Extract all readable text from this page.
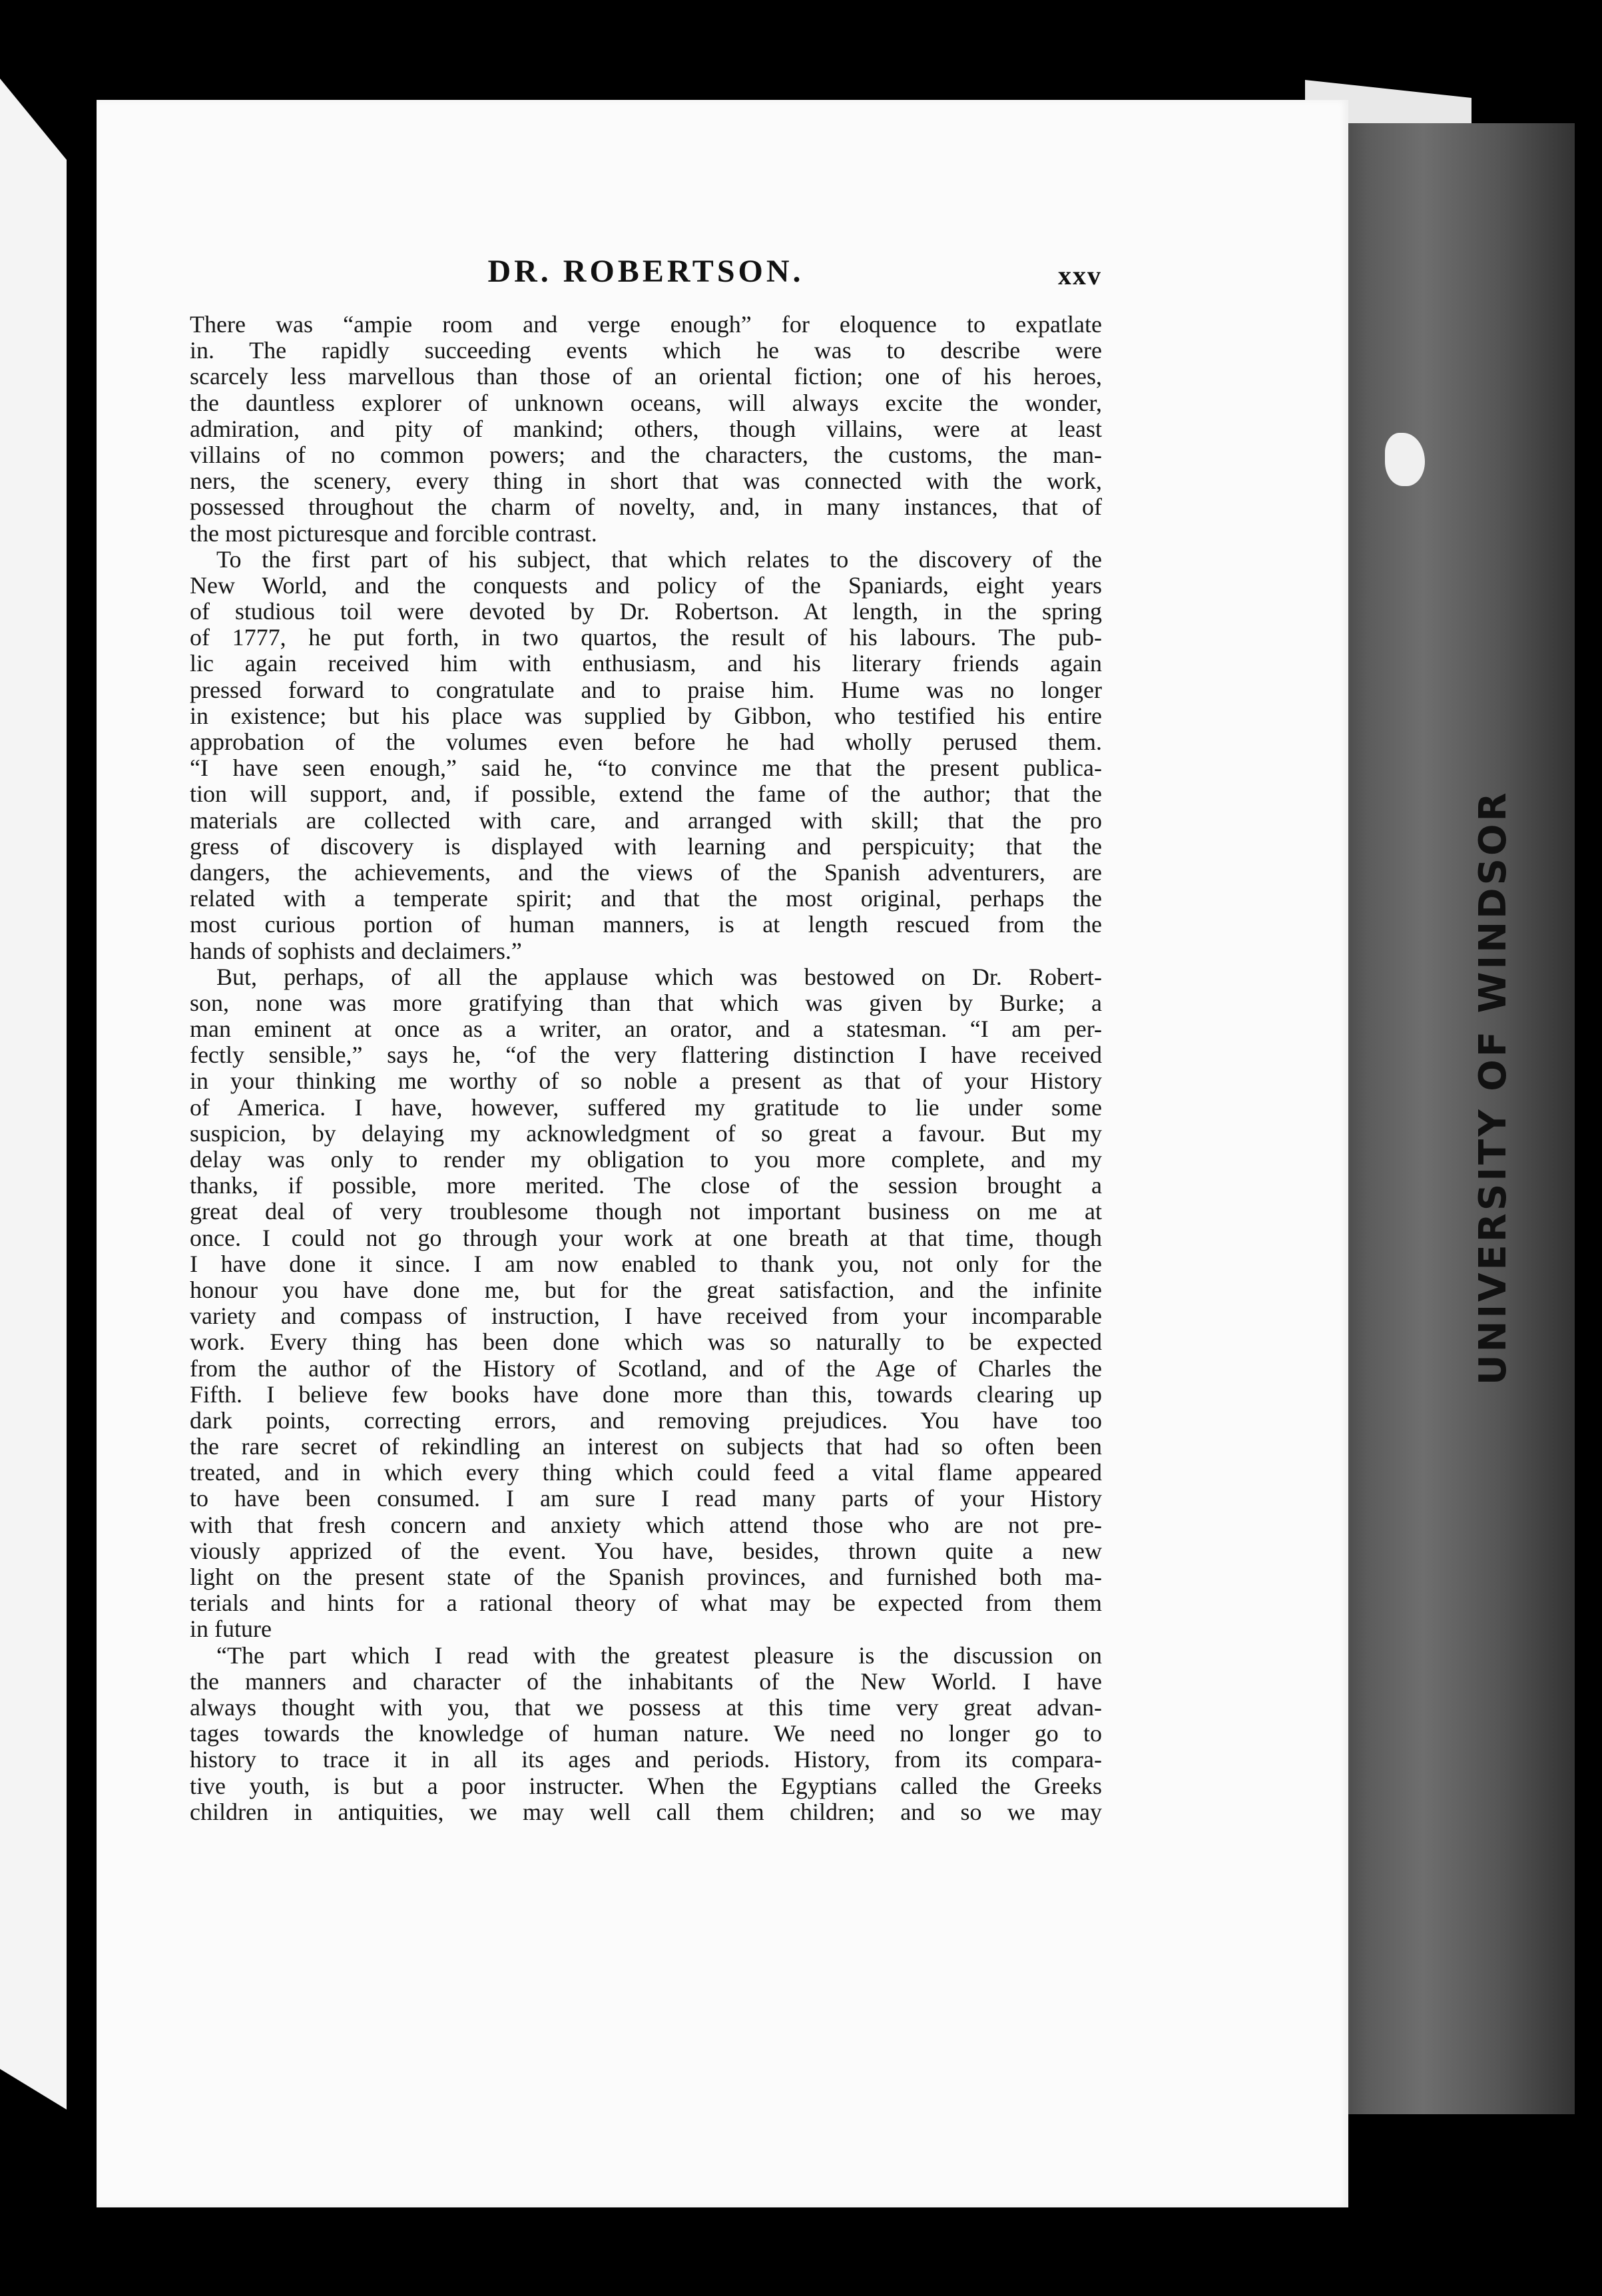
UNIVERSITY OF WINDSOR
DR. ROBERTSON.	xxv
There was “ampie room and verge enough” for eloquence to expatlate
in. The rapidly succeeding events which he was to describe were
scarcely less marvellous than those of an oriental fiction; one of his heroes,
the dauntless explorer of unknown oceans, will always excite the wonder,
admiration, and pity of mankind; others, though villains, were at least
villains of no common powers; and the characters, the customs, the man-
ners, the scenery, every thing in short that was connected with the work,
possessed throughout the charm of novelty, and, in many instances, that of
the most picturesque and forcible contrast.
To the first part of his subject, that which relates to the discovery of the
New World, and the conquests and policy of the Spaniards, eight years
of studious toil were devoted by Dr. Robertson. At length, in the spring
of 1777, he put forth, in two quartos, the result of his labours. The pub-
lic again received him with enthusiasm, and his literary friends again
pressed forward to congratulate and to praise him. Hume was no longer
in existence; but his place was supplied by Gibbon, who testified his entire
approbation of the volumes even before he had wholly perused them.
“I have seen enough,” said he, “to convince me that the present publica-
tion will support, and, if possible, extend the fame of the author; that the
materials are collected with care, and arranged with skill; that the pro
gress of discovery is displayed with learning and perspicuity; that the
dangers, the achievements, and the views of the Spanish adventurers, are
related with a temperate spirit; and that the most original, perhaps the
most curious portion of human manners, is at length rescued from the
hands of sophists and declaimers.”
But, perhaps, of all the applause which was bestowed on Dr. Robert-
son, none was more gratifying than that which was given by Burke; a
man eminent at once as a writer, an orator, and a statesman. “I am per-
fectly sensible,” says he, “of the very flattering distinction I have received
in your thinking me worthy of so noble a present as that of your History
of America. I have, however, suffered my gratitude to lie under some
suspicion, by delaying my acknowledgment of so great a favour. But my
delay was only to render my obligation to you more complete, and my
thanks, if possible, more merited. The close of the session brought a
great deal of very troublesome though not important business on me at
once. I could not go through your work at one breath at that time, though
I have done it since. I am now enabled to thank you, not only for the
honour you have done me, but for the great satisfaction, and the infinite
variety and compass of instruction, I have received from your incomparable
work. Every thing has been done which was so naturally to be expected
from the author of the History of Scotland, and of the Age of Charles the
Fifth. I believe few books have done more than this, towards clearing up
dark points, correcting errors, and removing prejudices. You have too
the rare secret of rekindling an interest on subjects that had so often been
treated, and in which every thing which could feed a vital flame appeared
to have been consumed. I am sure I read many parts of your History
with that fresh concern and anxiety which attend those who are not pre-
viously apprized of the event. You have, besides, thrown quite a new
light on the present state of the Spanish provinces, and furnished both ma-
terials and hints for a rational theory of what may be expected from them
in future
“The part which I read with the greatest pleasure is the discussion on
the manners and character of the inhabitants of the New World. I have
always thought with you, that we possess at this time very great advan-
tages towards the knowledge of human nature. We need no longer go to
history to trace it in all its ages and periods. History, from its compara-
tive youth, is but a poor instructer. When the Egyptians called the Greeks
children in antiquities, we may well call them children; and so we may
